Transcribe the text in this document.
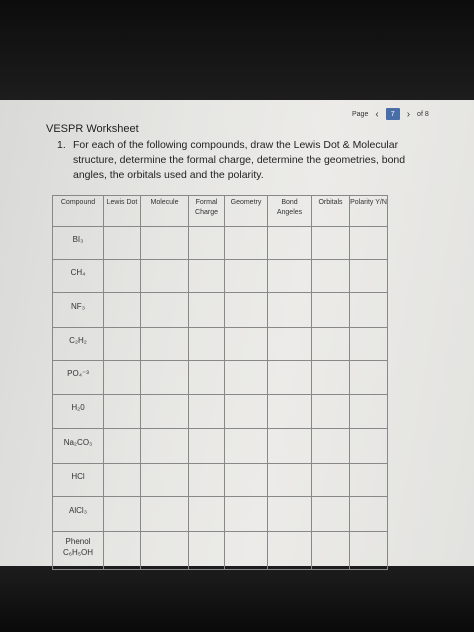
Page ‹	7	› of 8
VESPR Worksheet

1. For each of the following compounds, draw the Lewis Dot & Molecular structure, determine the formal charge, determine the geometries, bond angles, the orbitals used and the polarity.

Compound	Lewis Dot	Molecule	Formal Charge	Geometry	Bond Angeles	Orbitals	Polarity Y/N
BI₃							
CH₄							
NF₃							
C₂H₂							
PO₄⁻³							
H₂0							
Na₂CO₃							
HCl							
AlCl₃							
Phenol C₆H₅OH							
